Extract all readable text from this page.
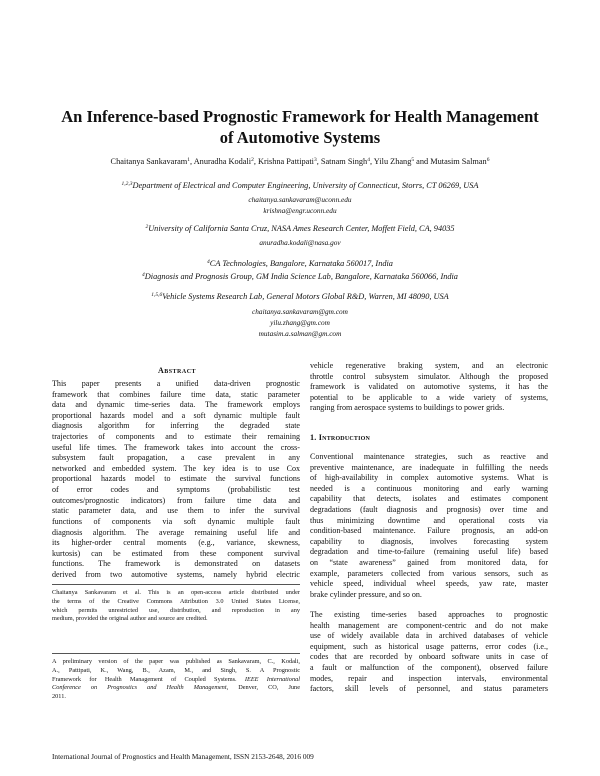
An Inference-based Prognostic Framework for Health Management
of Automotive Systems
Chaitanya Sankavaram$^1$, Anuradha Kodali$^2$, Krishna Pattipati$^3$, Satnam Singh$^4$, Yilu Zhang$^5$ and Mutasim Salman$^6$
$^{1,2,3}$Department of Electrical and Computer Engineering, University of Connecticut, Storrs, CT 06269, USA
chaitanya.sankavaram@uconn.edu
krishna@engr.uconn.edu
$^2$University of California Santa Cruz, NASA Ames Research Center, Moffett Field, CA, 94035
anuradha.kodali@nasa.gov
$^4$CA Technologies, Bangalore, Karnataka 560017, India
$^4$Diagnosis and Prognosis Group, GM India Science Lab, Bangalore, Karnataka 560066, India
$^{1,5,6}$Vehicle Systems Research Lab, General Motors Global R&D, Warren, MI 48090, USA
chaitanya.sankavaram@gm.com
yilu.zhang@gm.com
mutasim.a.salman@gm.com
Abstract
This paper presents a unified data-driven prognostic
framework that combines failure time data, static parameter
data and dynamic time-series data. The framework employs
proportional hazards model and a soft dynamic multiple fault
diagnosis algorithm for inferring the degraded state
trajectories of components and to estimate their remaining
useful life times. The framework takes into account the cross-
subsystem fault propagation, a case prevalent in any
networked and embedded system. The key idea is to use Cox
proportional hazards model to estimate the survival functions
of error codes and symptoms (probabilistic test
outcomes/prognostic indicators) from failure time data and
static parameter data, and use them to infer the survival
functions of components via soft dynamic multiple fault
diagnosis algorithm. The average remaining useful life and
its higher-order central moments (e.g., variance, skewness,
kurtosis) can be estimated from these component survival
functions. The framework is demonstrated on datasets
derived from two automotive systems, namely hybrid electric
Chaitanya Sankavaram et al. This is an open-access article distributed under
the terms of the Creative Commons Attribution 3.0 United States License,
which permits unrestricted use, distribution, and reproduction in any
medium, provided the original author and source are credited.
A preliminary version of the paper was published as Sankavaram, C., Kodali,
A., Pattipati, K., Wang, B., Azam, M., and Singh, S. A Prognostic
Framework for Health Management of Coupled Systems. IEEE International
Conference on Prognostics and Health Management, Denver, CO, June
2011.
vehicle regenerative braking system, and an electronic
throttle control subsystem simulator. Although the proposed
framework is validated on automotive systems, it has the
potential to be applicable to a wide variety of systems,
ranging from aerospace systems to buildings to power grids.
1. Introduction
Conventional maintenance strategies, such as reactive and
preventive maintenance, are inadequate in fulfilling the needs
of high-availability in complex automotive systems. What is
needed is a continuous monitoring and early warning
capability that detects, isolates and estimates component
degradations (fault diagnosis and prognosis) over time and
thus minimizing downtime and operational costs via
condition-based maintenance. Failure prognosis, an add-on
capability to diagnosis, involves forecasting system
degradation and time-to-failure (remaining useful life) based
on “state awareness” gained from monitored data, for
example, parameters collected from various sensors, such as
vehicle speed, individual wheel speeds, yaw rate, master
brake cylinder pressure, and so on.
The existing time-series based approaches to prognostic
health management are component-centric and do not make
use of widely available data in archived databases of vehicle
equipment, such as historical usage patterns, error codes (i.e.,
codes that are recorded by onboard software units in case of
a fault or malfunction of the component), observed failure
modes, repair and inspection intervals, environmental
factors, skill levels of personnel, and status parameters
International Journal of Prognostics and Health Management, ISSN 2153-2648, 2016 009
